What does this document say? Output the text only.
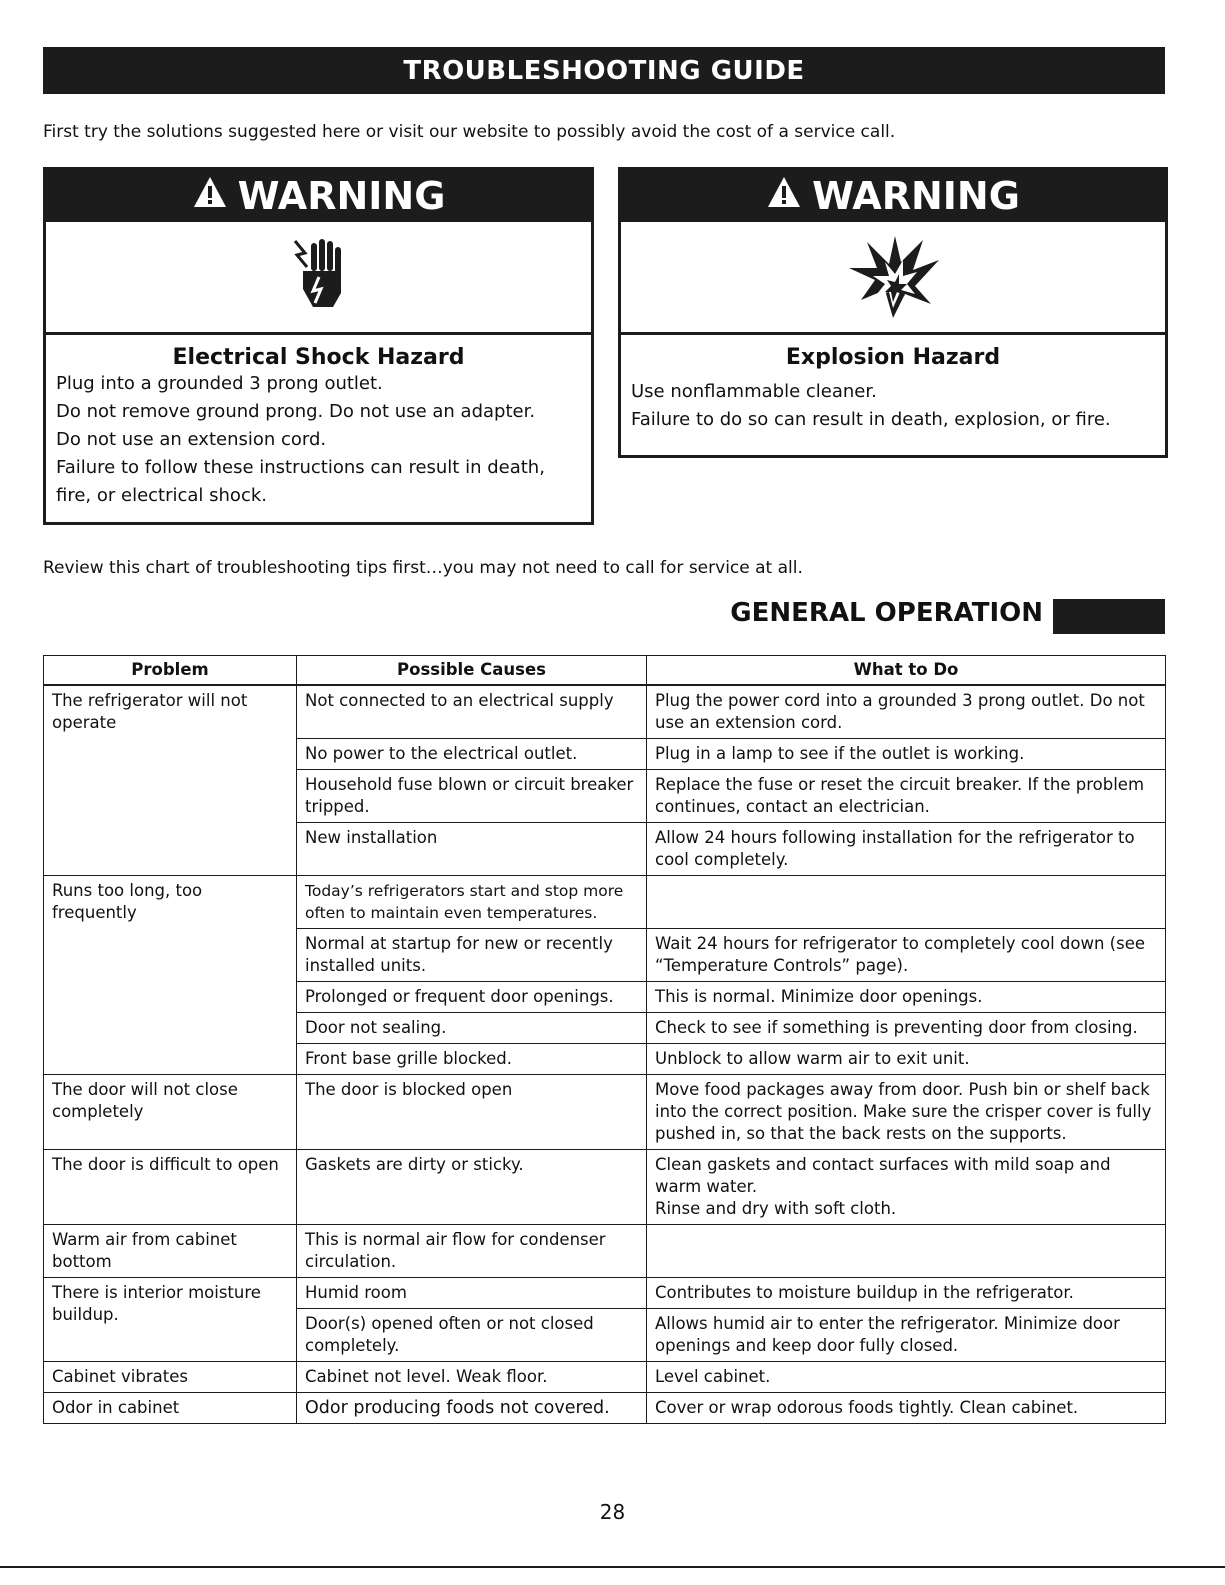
TROUBLESHOOTING GUIDE
First try the solutions suggested here or visit our website to possibly avoid the cost of a service call.
WARNING
Electrical Shock Hazard
Plug into a grounded 3 prong outlet.
Do not remove ground prong. Do not use an adapter.
Do not use an extension cord.
Failure to follow these instructions can result in death,
fire, or electrical shock.
WARNING
Explosion Hazard
Use nonflammable cleaner.
Failure to do so can result in death, explosion, or fire.
Review this chart of troubleshooting tips first…you may not need to call for service at all.
GENERAL OPERATION
Problem	Possible Causes	What to Do
The refrigerator will not operate	Not connected to an electrical supply	Plug the power cord into a grounded 3 prong outlet. Do not use an extension cord.
	No power to the electrical outlet.	Plug in a lamp to see if the outlet is working.
	Household fuse blown or circuit breaker tripped.	Replace the fuse or reset the circuit breaker. If the problem continues, contact an electrician.
	New installation	Allow 24 hours following installation for the refrigerator to cool completely.
Runs too long, too frequently	Today’s refrigerators start and stop more often to maintain even temperatures.	
	Normal at startup for new or recently installed units.	Wait 24 hours for refrigerator to completely cool down (see “Temperature Controls” page).
	Prolonged or frequent door openings.	This is normal. Minimize door openings.
	Door not sealing.	Check to see if something is preventing door from closing.
	Front base grille blocked.	Unblock to allow warm air to exit unit.
The door will not close completely	The door is blocked open	Move food packages away from door. Push bin or shelf back into the correct position. Make sure the crisper cover is fully pushed in, so that the back rests on the supports.
The door is difficult to open	Gaskets are dirty or sticky.	Clean gaskets and contact surfaces with mild soap and warm water.
Rinse and dry with soft cloth.
Warm air from cabinet bottom	This is normal air flow for condenser circulation.	
There is interior moisture buildup.	Humid room	Contributes to moisture buildup in the refrigerator.
	Door(s) opened often or not closed completely.	Allows humid air to enter the refrigerator. Minimize door openings and keep door fully closed.
Cabinet vibrates	Cabinet not level. Weak floor.	Level cabinet.
Odor in cabinet	Odor producing foods not covered.	Cover or wrap odorous foods tightly. Clean cabinet.
28
